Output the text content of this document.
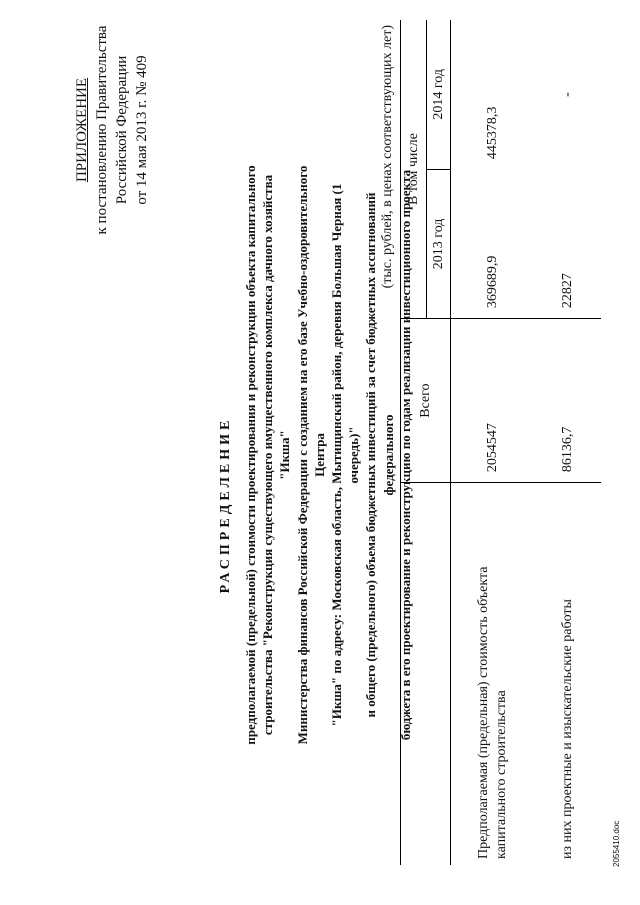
ПРИЛОЖЕНИЕ к постановлению Правительства Российской Федерации от 14 мая 2013 г. № 409
РАСПРЕДЕЛЕНИЕ предполагаемой (предельной) стоимости проектирования и реконструкции объекта капитального строительства "Реконструкция существующего имущественного комплекса дачного хозяйства "Икша" Министерства финансов Российской Федерации с созданием на его базе Учебно-оздоровительного Центра "Икша" по адресу: Московская область, Мытищинский район, деревня Большая Черная (1 очередь)" и общего (предельного) объема бюджетных инвестиций за счет бюджетных ассигнований федерального бюджета в его проектирование и реконструкцию по годам реализации инвестиционного проекта
(тыс. рублей, в ценах соответствующих лет)
	Всего	В том числе	
		2013 год	2014 год

Предполагаемая (предельная) стоимость объекта капитального строительства	2054547	369689,9	445378,3
из них проектные и изыскательские работы	86136,7	22827	-
2055410.doc
